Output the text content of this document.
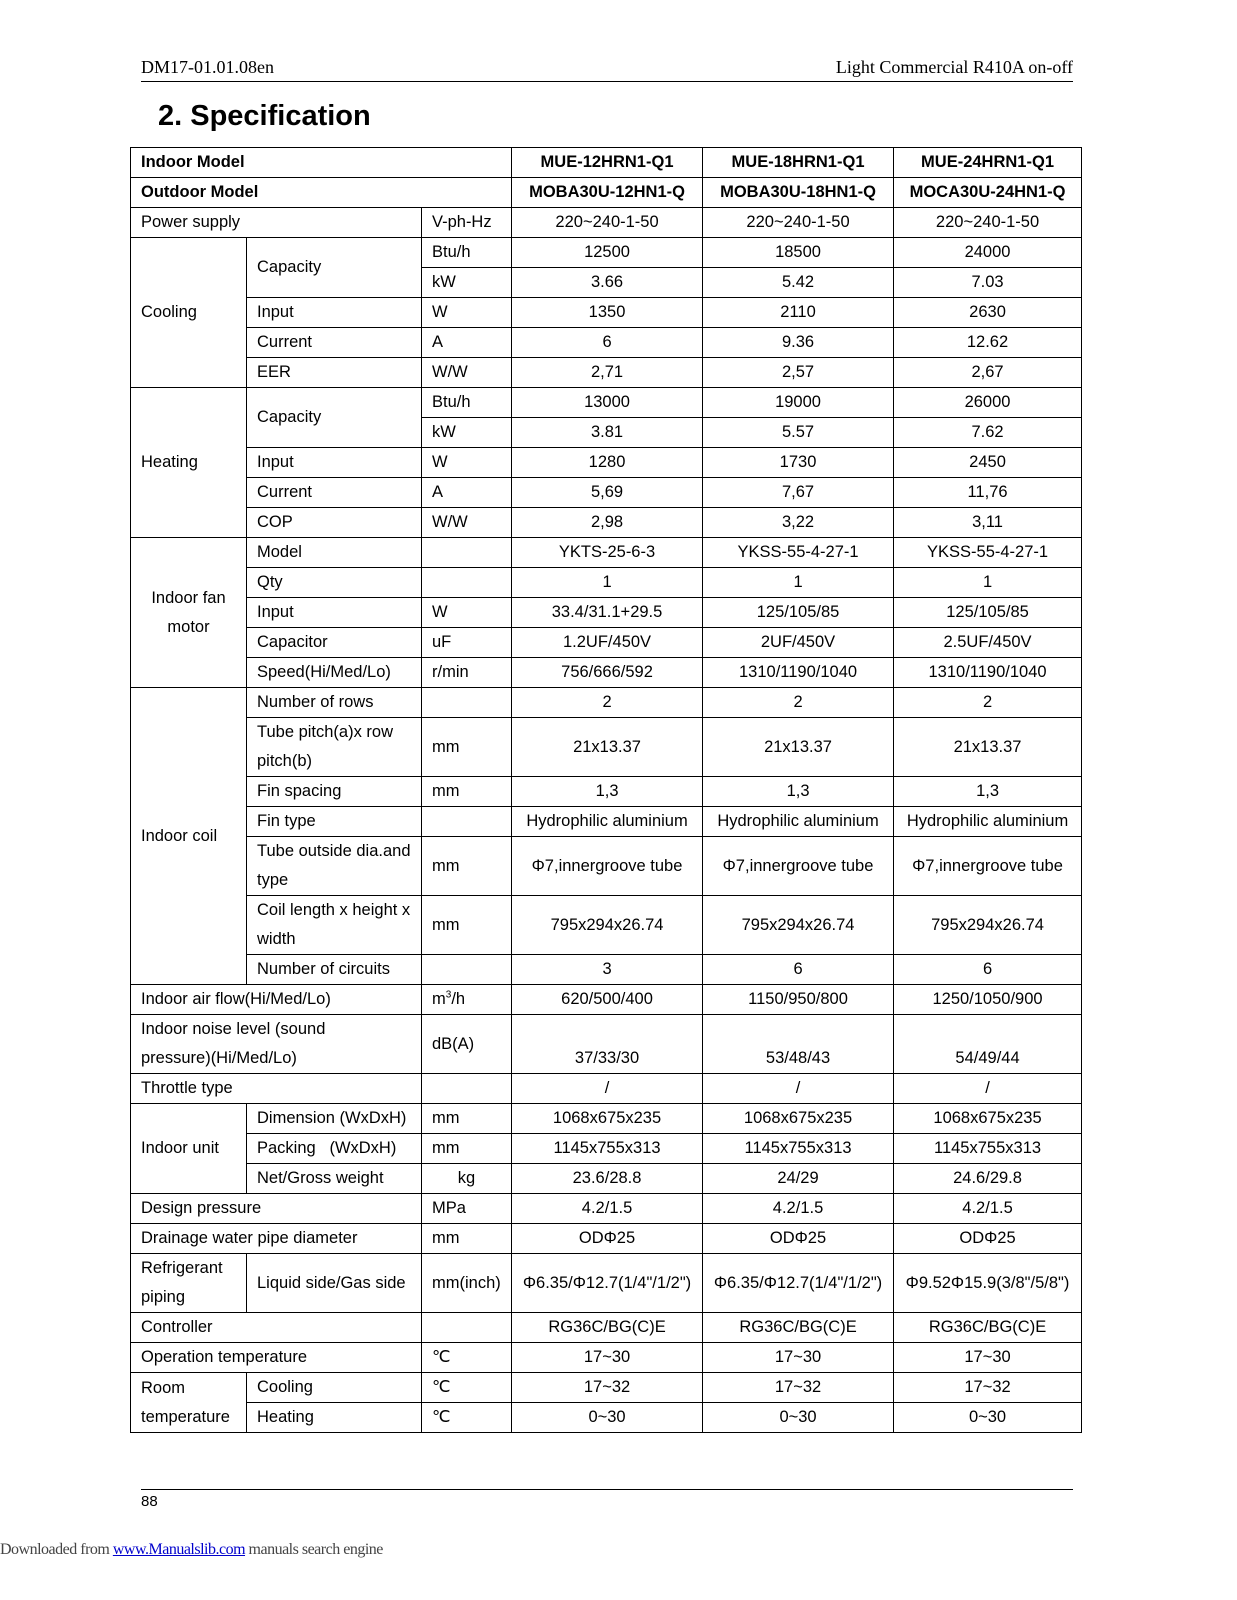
DM17-01.01.08en	Light Commercial R410A on-off
2. Specification
Indoor Model			MUE-12HRN1-Q1	MUE-18HRN1-Q1	MUE-24HRN1-Q1
Outdoor Model			MOBA30U-12HN1-Q	MOBA30U-18HN1-Q	MOCA30U-24HN1-Q
Power supply		V-ph-Hz	220~240-1-50	220~240-1-50	220~240-1-50
Cooling	Capacity	Btu/h	12500	18500	24000
		kW	3.66	5.42	7.03
	Input	W	1350	2110	2630
	Current	A	6	9.36	12.62
	EER	W/W	2,71	2,57	2,67
Heating	Capacity	Btu/h	13000	19000	26000
		kW	3.81	5.57	7.62
	Input	W	1280	1730	2450
	Current	A	5,69	7,67	11,76
	COP	W/W	2,98	3,22	3,11
Indoor fan
motor	Model		YKTS-25-6-3	YKSS-55-4-27-1	YKSS-55-4-27-1
	Qty		1	1	1
	Input	W	33.4/31.1+29.5	125/105/85	125/105/85
	Capacitor	uF	1.2UF/450V	2UF/450V	2.5UF/450V
	Speed(Hi/Med/Lo)	r/min	756/666/592	1310/1190/1040	1310/1190/1040
Indoor coil	Number of rows		2	2	2
	Tube pitch(a)x row
pitch(b)	mm	21x13.37	21x13.37	21x13.37
	Fin spacing	mm	1,3	1,3	1,3
	Fin type		Hydrophilic aluminium	Hydrophilic aluminium	Hydrophilic aluminium
	Tube outside dia.and
type	mm	Φ7,innergroove tube	Φ7,innergroove tube	Φ7,innergroove tube
	Coil length x height x
width	mm	795x294x26.74	795x294x26.74	795x294x26.74
	Number of circuits		3	6	6
Indoor air flow(Hi/Med/Lo)		$m^3/h$	620/500/400	1150/950/800	1250/1050/900
Indoor noise level (sound
pressure)(Hi/Med/Lo)		dB(A)	37/33/30	53/48/43	54/49/44
Throttle type			/	/	/
Indoor unit	Dimension (WxDxH)	mm	1068x675x235	1068x675x235	1068x675x235
	Packing   (WxDxH)	mm	1145x755x313	1145x755x313	1145x755x313
	Net/Gross weight	kg	23.6/28.8	24/29	24.6/29.8
Design pressure		MPa	4.2/1.5	4.2/1.5	4.2/1.5
Drainage water pipe diameter		mm	ODΦ25	ODΦ25	ODΦ25
Refrigerant
piping	Liquid side/Gas side	mm(inch)	Φ6.35/Φ12.7(1/4"/1/2")	Φ6.35/Φ12.7(1/4"/1/2")	Φ9.52Φ15.9(3/8"/5/8")
Controller			RG36C/BG(C)E	RG36C/BG(C)E	RG36C/BG(C)E
Operation temperature		℃	17~30	17~30	17~30
Room
temperature	Cooling	℃	17~32	17~32	17~32
	Heating	℃	0~30	0~30	0~30
88
Downloaded from www.Manualslib.com manuals search engine
